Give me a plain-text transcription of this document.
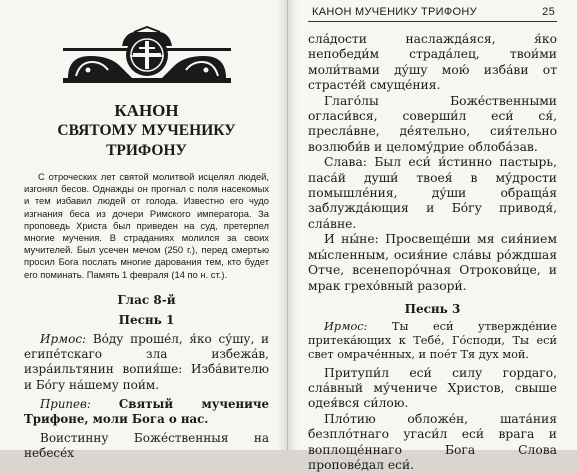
КАНОН

СВЯТОМУ МУЧЕНИКУ ТРИФОНУ

С отроческих лет святой молитвой исцелял людей, изгонял бесов. Однажды он прогнал с поля насекомых и тем избавил людей от голода. Известно его чудо изгнания беса из дочери Римского императора. За проповедь Христа был приведен на суд, претерпел многие мучения. В страданиях молился за своих мучителей. Был усечен мечом (250 г.), перед смертью просил Бога послать многие дарования тем, кто будет его поминать. Память 1 февраля (14 по н. ст.).

Глас 8-й

Песнь 1

Ирмос: Во́ду проше́л, я́ко су́шу, и египе́тскаго зла избежа́в, изра́ильтянин вопия́ше: Изба́вителю и Бо́гу на́шему пои́м.

Припев: Святый мучениче Трифоне, моли Бога о нас.

Воистинну Боже́ственныя на небесе́х

КАНОН МУЧЕНИКУ ТРИФОНУ	25

сла́дости наслажда́яся, я́ко непобеди́м страда́лец, твои́ми моли́твами ду́шу мою́ изба́ви от страсте́й смуще́ния.

Глаго́лы Боже́ственными огласи́вся, соверши́л еси́ ся́, пресла́вне, де́ятельно, сия́тельно возлюби́в и целому́дрие облоба́зав.

Слава: Был еси́ и́стинно пастырь, паса́й души́ твоея́ в му́дрости помышле́ния, ду́ши обраща́я заблужда́ющия и Бо́гу приводя́, сла́вне.

И ны́не: Просвеще́ши мя сия́нием мы́сленным, осия́ние сла́вы ро́ждшая Отче, всенепоро́чная Отрокови́це, и мрак грехо́вный разори́.

Песнь 3

Ирмос: Ты еси́ утвержде́ние притека́ющих к Тебе́, Го́споди, Ты еси́ свет омраче́нных, и пое́т Тя дух мой.

Притупи́л еси́ силу гордаго, сла́вный му́чениче Христов, свыше одея́вся си́лою.

Пло́тию обложе́н, шата́ния безпло́тнаго угаси́л еси́ врага и воплоще́ннаго Бога Слова пропове́дал еси́.
